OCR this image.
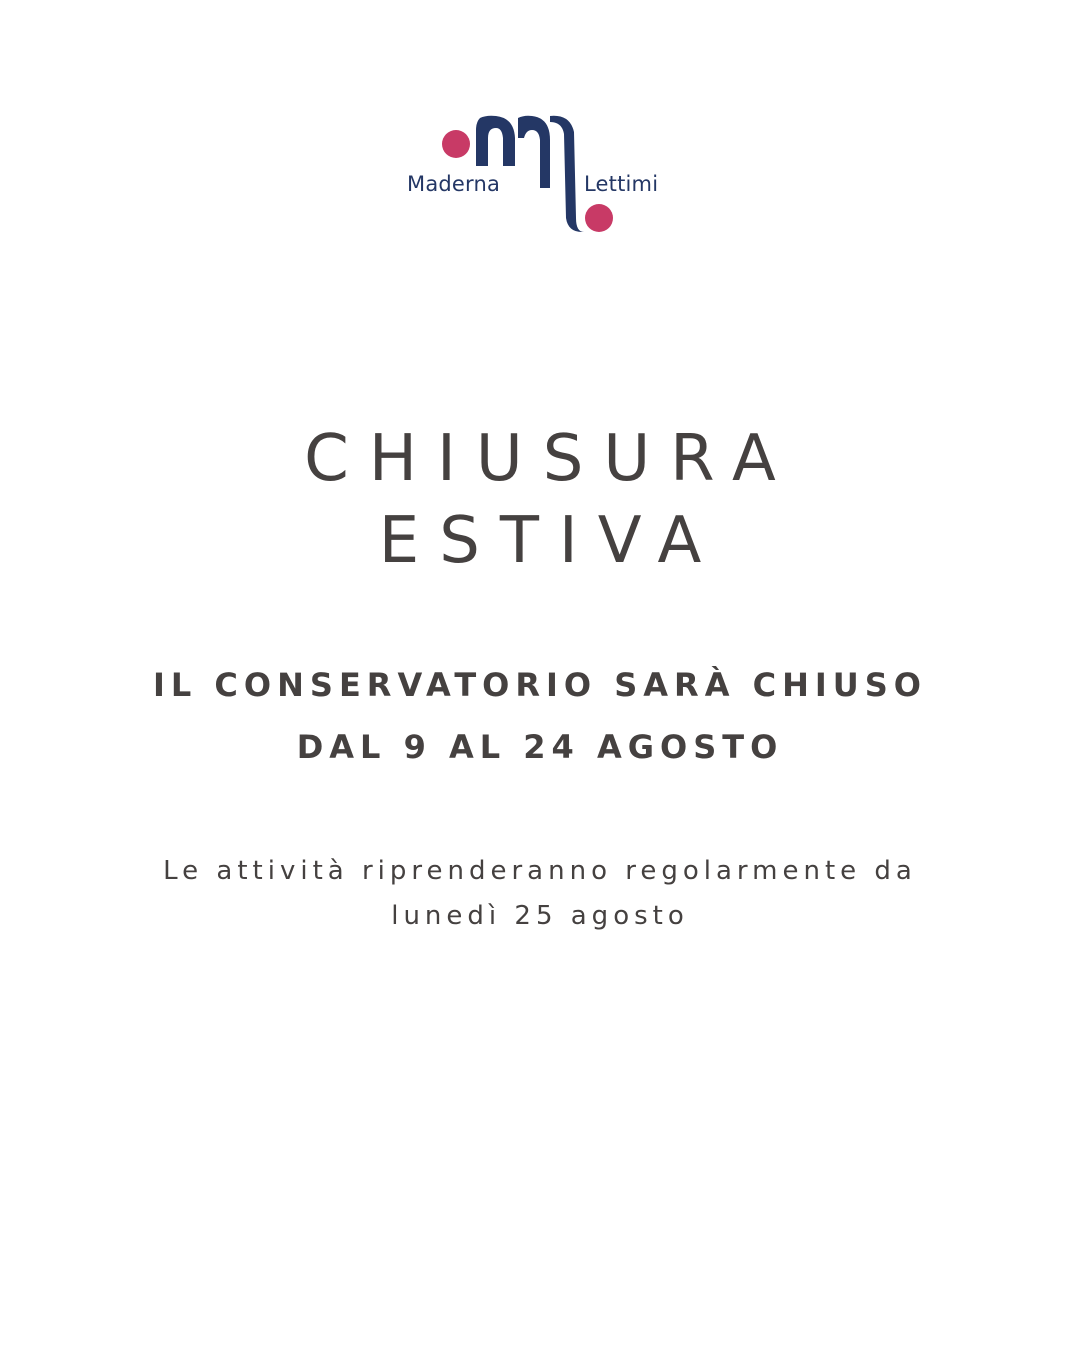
Maderna	Lettimi
CHIUSURA
ESTIVA
IL CONSERVATORIO SARÀ CHIUSO
DAL 9 AL 24 AGOSTO
Le attività riprenderanno regolarmente da
lunedì 25 agosto
